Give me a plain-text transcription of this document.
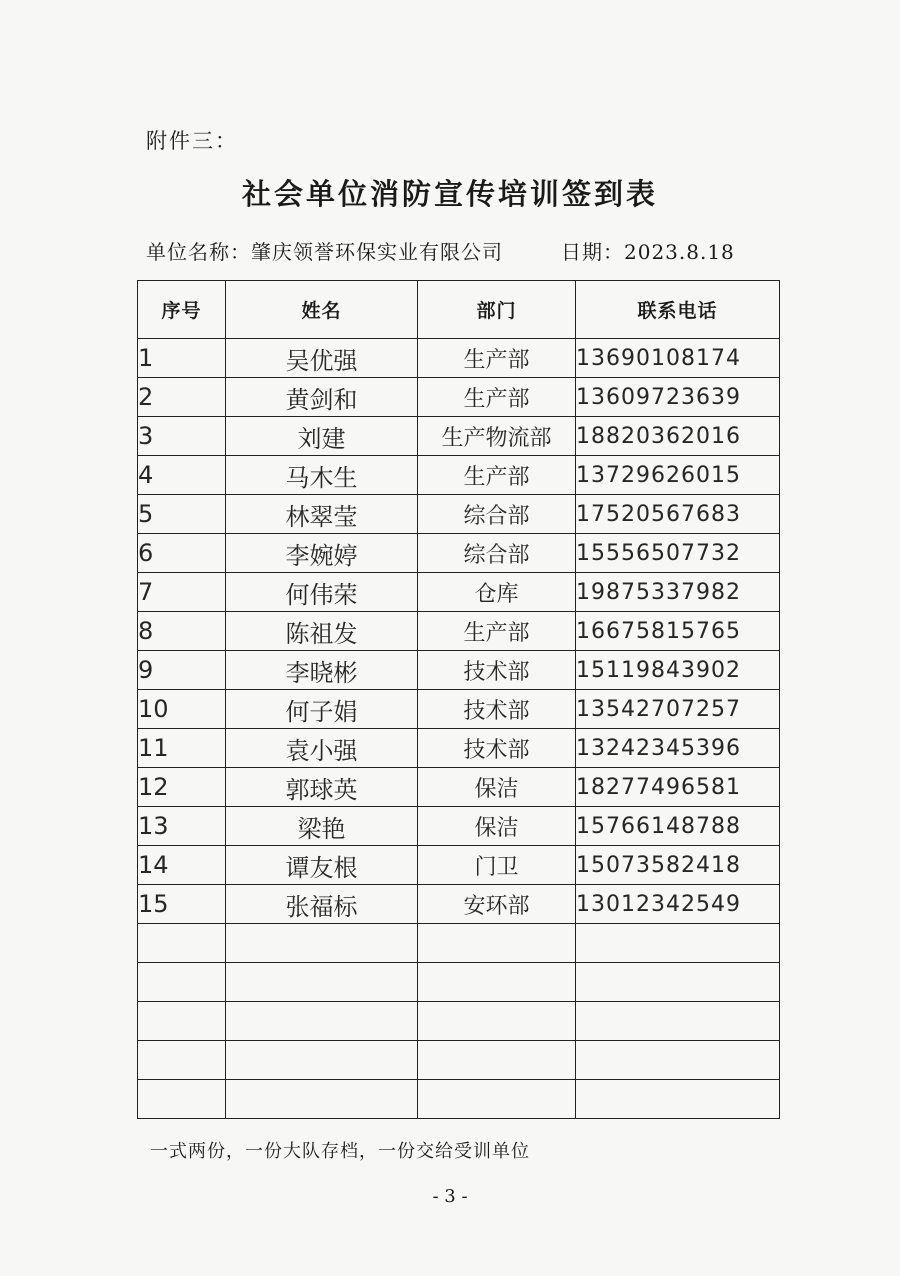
附件三：
社会单位消防宣传培训签到表
单位名称：肇庆领誉环保实业有限公司	日期：2023.8.18
序号	姓名	部门	联系电话
1	吴优强	生产部	13690108174
2	黄剑和	生产部	13609723639
3	刘建	生产物流部	18820362016
4	马木生	生产部	13729626015
5	林翠莹	综合部	17520567683
6	李婉婷	综合部	15556507732
7	何伟荣	仓库	19875337982
8	陈祖发	生产部	16675815765
9	李晓彬	技术部	15119843902
10	何子娟	技术部	13542707257
11	袁小强	技术部	13242345396
12	郭球英	保洁	18277496581
13	梁艳	保洁	15766148788
14	谭友根	门卫	15073582418
15	张福标	安环部	13012342549

一式两份，一份大队存档，一份交给受训单位
- 3 -
